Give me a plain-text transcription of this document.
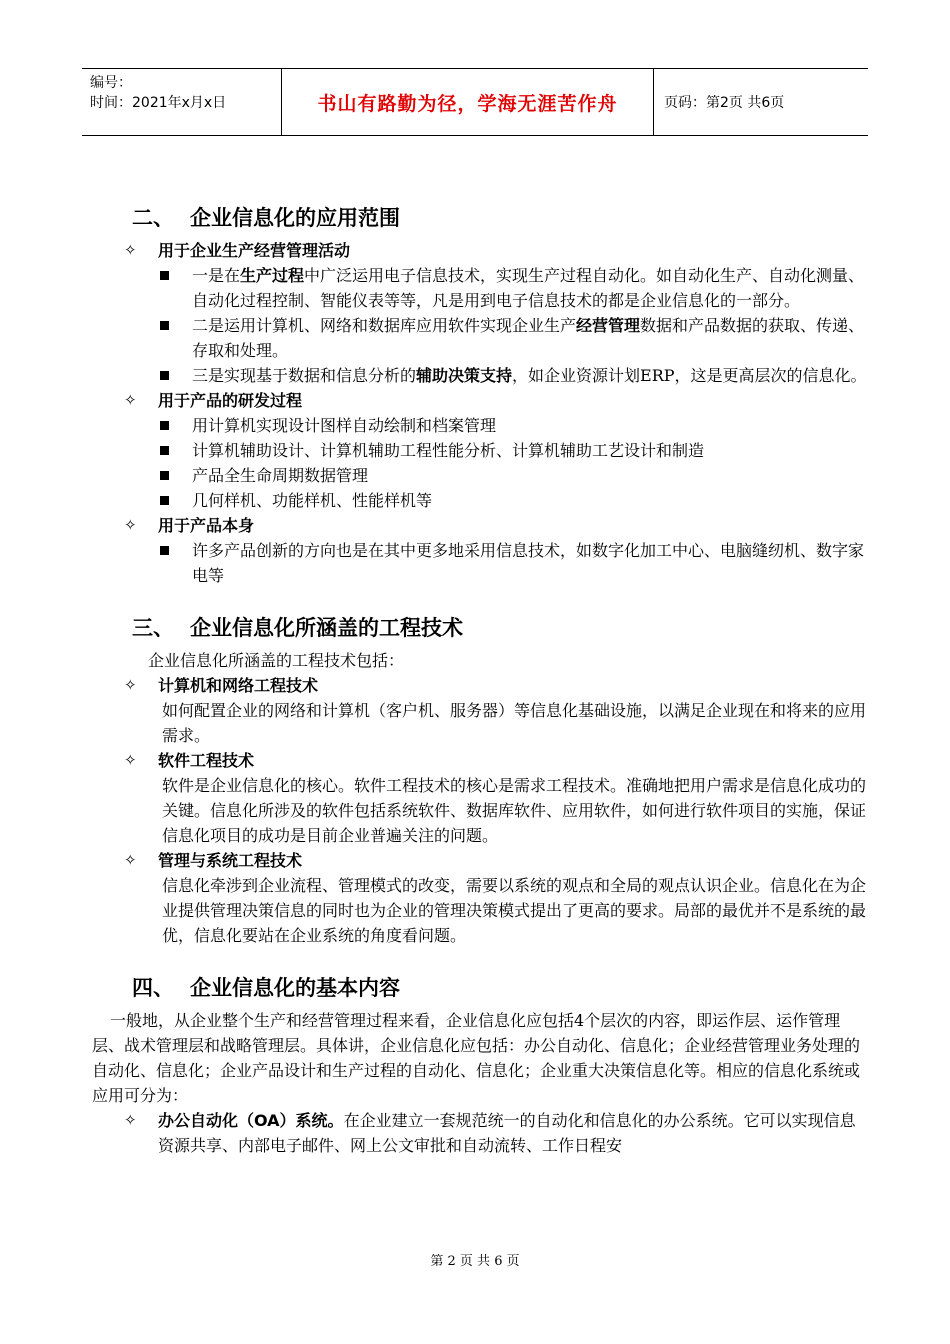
编号：
时间：2021年x月x日	书山有路勤为径，学海无涯苦作舟	页码：第2页 共6页
二、 企业信息化的应用范围
✧ 用于企业生产经营管理活动
一是在生产过程中广泛运用电子信息技术，实现生产过程自动化。如自动化生产、自动化测量、自动化过程控制、智能仪表等等，凡是用到电子信息技术的都是企业信息化的一部分。
二是运用计算机、网络和数据库应用软件实现企业生产经营管理数据和产品数据的获取、传递、存取和处理。
三是实现基于数据和信息分析的辅助决策支持，如企业资源计划ERP，这是更高层次的信息化。
✧ 用于产品的研发过程
用计算机实现设计图样自动绘制和档案管理
计算机辅助设计、计算机辅助工程性能分析、计算机辅助工艺设计和制造
产品全生命周期数据管理
几何样机、功能样机、性能样机等
✧ 用于产品本身
许多产品创新的方向也是在其中更多地采用信息技术，如数字化加工中心、电脑缝纫机、数字家电等
三、 企业信息化所涵盖的工程技术
企业信息化所涵盖的工程技术包括：
✧ 计算机和网络工程技术
如何配置企业的网络和计算机（客户机、服务器）等信息化基础设施，以满足企业现在和将来的应用需求。
✧ 软件工程技术
软件是企业信息化的核心。软件工程技术的核心是需求工程技术。准确地把用户需求是信息化成功的关键。信息化所涉及的软件包括系统软件、数据库软件、应用软件，如何进行软件项目的实施，保证信息化项目的成功是目前企业普遍关注的问题。
✧ 管理与系统工程技术
信息化牵涉到企业流程、管理模式的改变，需要以系统的观点和全局的观点认识企业。信息化在为企业提供管理决策信息的同时也为企业的管理决策模式提出了更高的要求。局部的最优并不是系统的最优，信息化要站在企业系统的角度看问题。
四、 企业信息化的基本内容
一般地，从企业整个生产和经营管理过程来看，企业信息化应包括4个层次的内容，即运作层、运作管理层、战术管理层和战略管理层。具体讲，企业信息化应包括：办公自动化、信息化；企业经营管理业务处理的自动化、信息化；企业产品设计和生产过程的自动化、信息化；企业重大决策信息化等。相应的信息化系统或应用可分为：
✧ 办公自动化（OA）系统。在企业建立一套规范统一的自动化和信息化的办公系统。它可以实现信息资源共享、内部电子邮件、网上公文审批和自动流转、工作日程安
第 2 页 共 6 页
